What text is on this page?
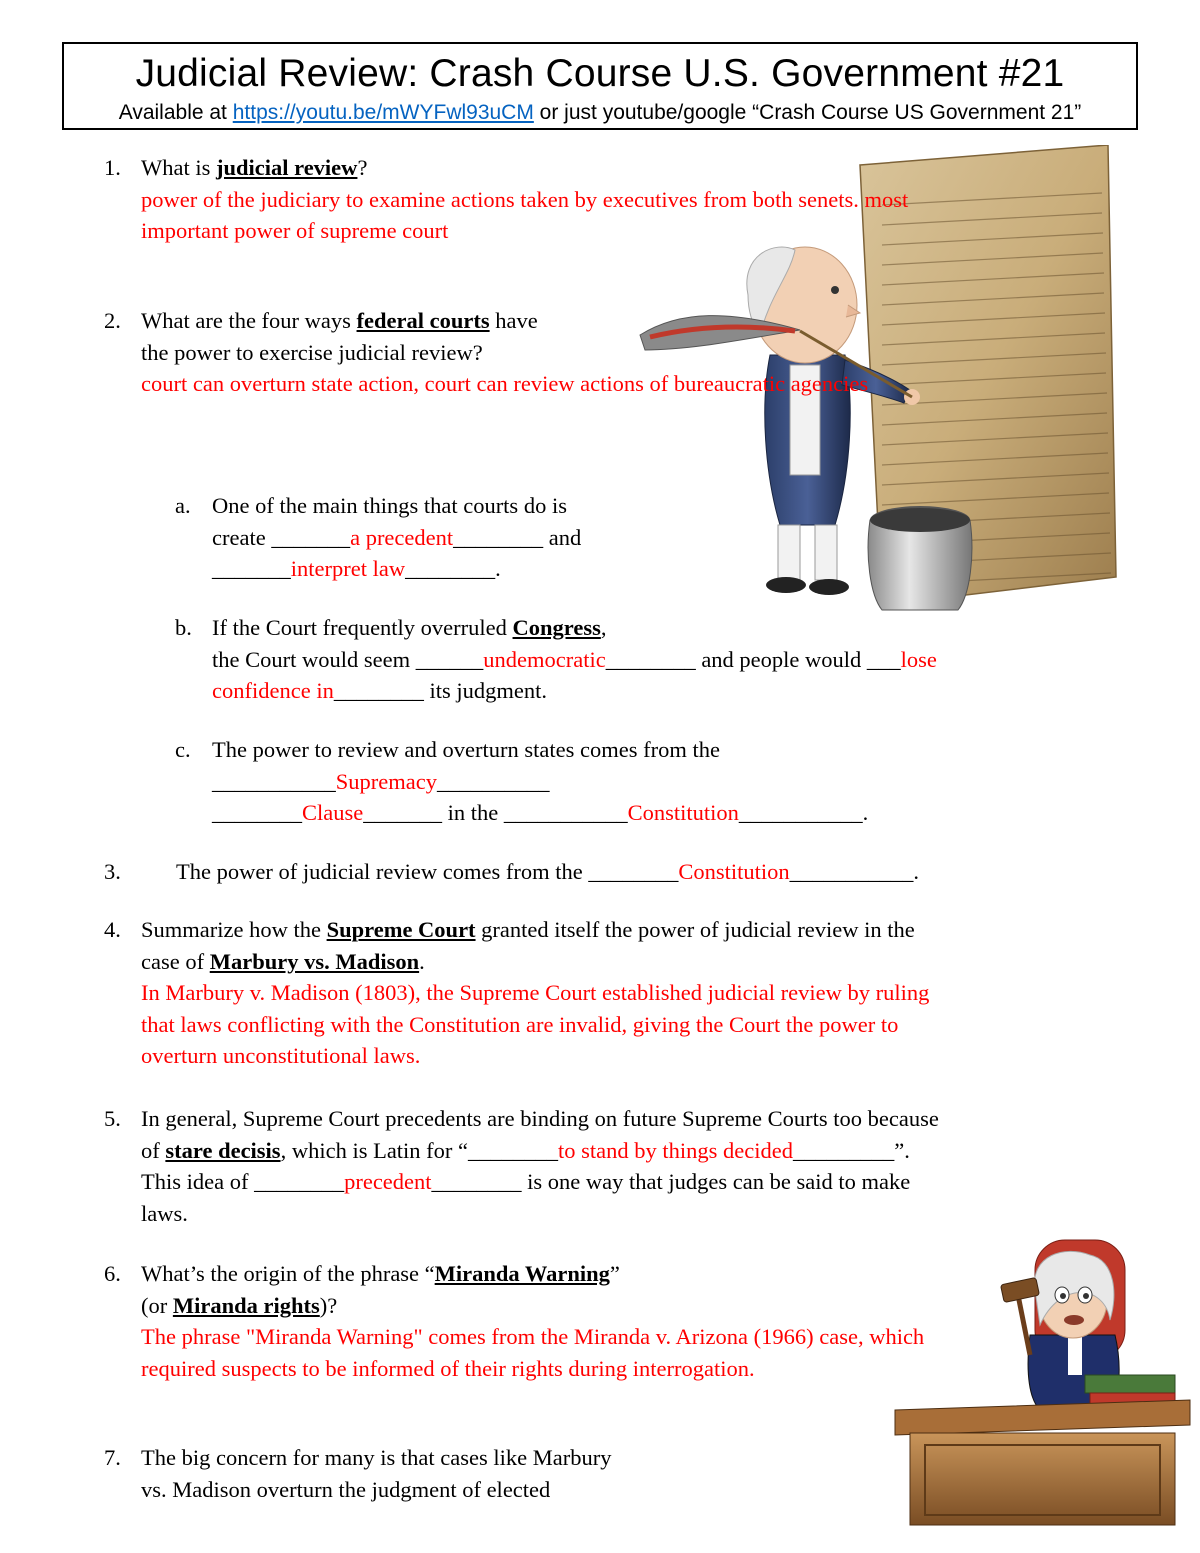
Judicial Review: Crash Course U.S. Government #21
Available at https://youtu.be/mWYFwl93uCM or just youtube/google “Crash Course US Government 21”
1. What is judicial review?
power of the judiciary to examine actions taken by executives from both senets. most
important power of supreme court
2. What are the four ways federal courts have
the power to exercise judicial review?
court can overturn state action, court can review actions of bureaucratic agencies
a. One of the main things that courts do is
create _______a precedent________ and
_______interpret law________.
b. If the Court frequently overruled Congress,
the Court would seem ______undemocratic________ and people would ___lose
confidence in________ its judgment.
c. The power to review and overturn states comes from the
___________Supremacy__________
________Clause_______ in the ___________Constitution___________.
3. The power of judicial review comes from the ________Constitution___________.
4. Summarize how the Supreme Court granted itself the power of judicial review in the
case of Marbury vs. Madison.
In Marbury v. Madison (1803), the Supreme Court established judicial review by ruling
that laws conflicting with the Constitution are invalid, giving the Court the power to
overturn unconstitutional laws.
5. In general, Supreme Court precedents are binding on future Supreme Courts too because
of stare decisis, which is Latin for “________to stand by things decided_________”.
This idea of ________precedent________ is one way that judges can be said to make
laws.
6. What’s the origin of the phrase “Miranda Warning”
(or Miranda rights)?
The phrase "Miranda Warning" comes from the Miranda v. Arizona (1966) case, which
required suspects to be informed of their rights during interrogation.
7. The big concern for many is that cases like Marbury
vs. Madison overturn the judgment of elected
